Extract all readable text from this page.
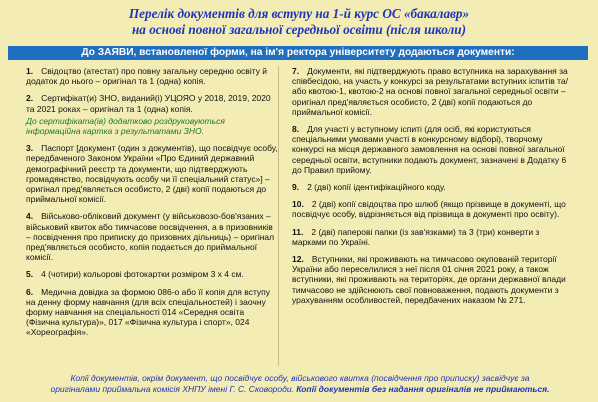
Перелік документів для вступу на 1-й курс ОС «бакалавр»
на основі повної загальної середньої освіти (після школи)
До ЗАЯВИ, встановленої форми, на ім'я ректора університету додаються документи:
1. Свідоцтво (атестат) про повну загальну середню освіту й додаток до нього – оригінал та 1 (одна) копія.
2. Сертифікат(и) ЗНО, виданий(і) УЦОЯО у 2018, 2019, 2020 та 2021 роках – оригінал та 1 (одна) копія.
До сертифіката(ів) додатково роздруковуються інформаційна картка з результатами ЗНО.
3. Паспорт [документ (один з документів), що посвідчує особу, передбаченого Законом України «Про Єдиний державний демографічний реєстр та документи, що підтверджують громадянство, посвідчують особу чи її спеціальний статус»] – оригінал пред'являється особисто, 2 (дві) копії подаються до приймальної комісії.
4. Військово-обліковий документ (у військовозо-бов'язаних – військовий квиток або тимчасове посвідчення, а в призовників – посвідчення про приписку до призовних дільниць) – оригінал пред'являється особисто, копія подається до приймальної комісії.
5. 4 (чотири) кольорові фотокартки розміром 3 х 4 см.
6. Медична довідка за формою 086-о або її копія для вступу на денну форму навчання (для всіх спеціальностей) і заочну форму навчання на спеціальності 014 «Середня освіта (Фізична культура)», 017 «Фізична культура і спорт», 024 «Хореографія».
7. Документи, які підтверджують право вступника на зарахування за співбесідою, на участь у конкурсі за результатами вступних іспитів та/або квотою-1, квотою-2 на основі повної загальної середньої освіти – оригінал пред'являється особисто, 2 (дві) копії подаються до приймальної комісії.
8. Для участі у вступному іспиті (для осіб, які користуються спеціальними умовами участі в конкурсному відборі), творчому конкурсі на місця державного замовлення на основі повної загальної середньої освіти, вступники подають документ, зазначені в Додатку 6 до Правил прийому.
9. 2 (дві) копії ідентифікаційного коду.
10. 2 (дві) копії свідоцтва про шлюб (якщо прізвище в документі, що посвідчує особу, відрізняється від прізвища в документі про освіту).
11. 2 (дві) паперові папки (із зав'язками) та 3 (три) конверти з марками по Україні.
12. Вступники, які проживають на тимчасово окупованій території України або переселилися з неї після 01 січня 2021 року, а також вступники, які проживають на територіях, де органи державної влади тимчасово не здійснюють свої повноваження, подають документи з урахуванням особливостей, передбачених наказом № 271.
Копії документів, окрім документ, що посвідчує особу, військового квитка (посвідчення про приписку) засвідчує за
оригіналами приймальна комісія ХНПУ імені Г. С. Сковороди. Копії документів без надання оригіналів не приймаються.
